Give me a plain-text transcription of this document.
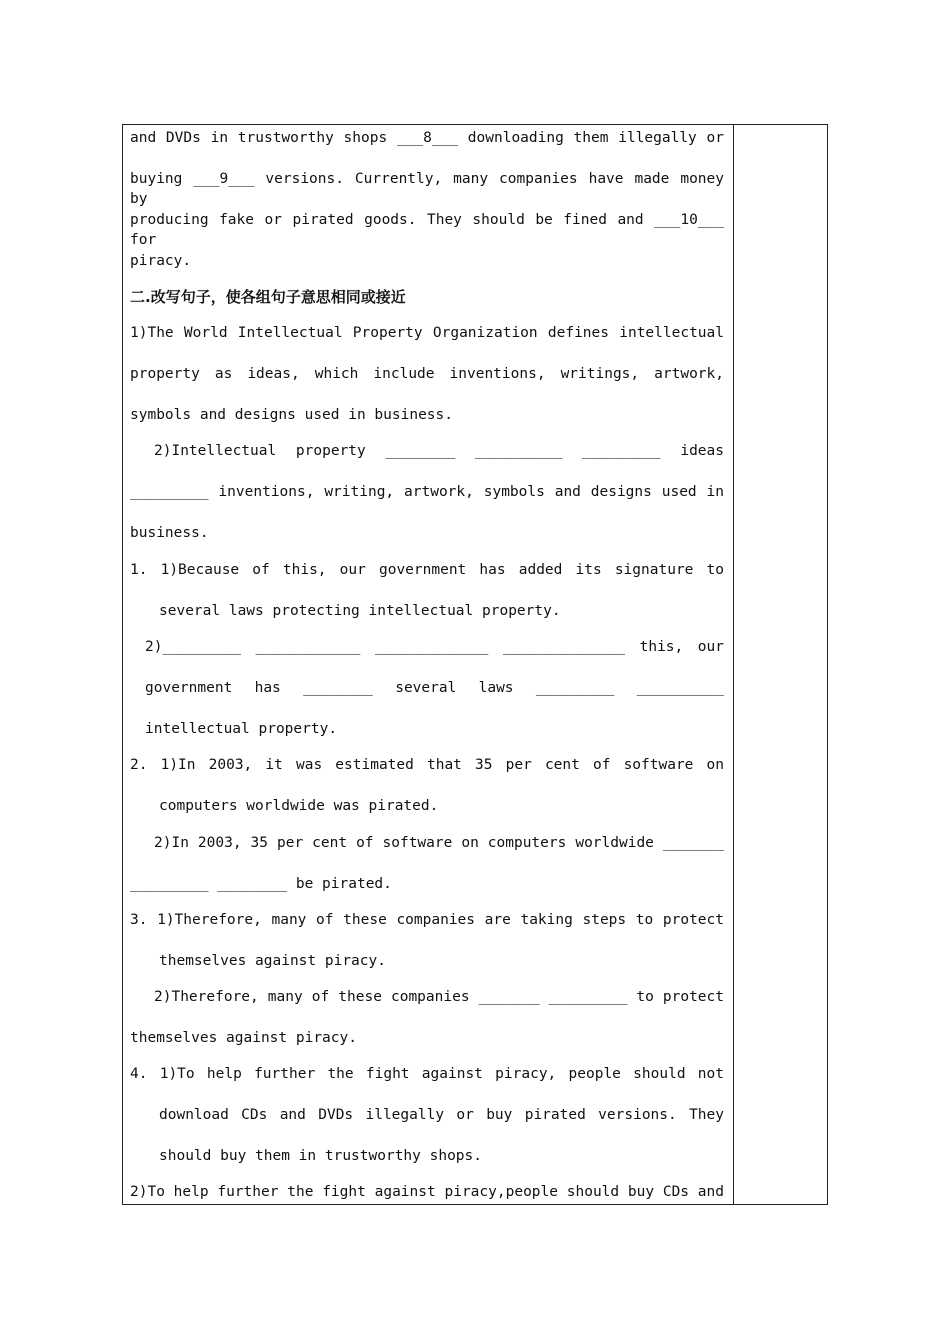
and DVDs in trustworthy shops ___8___ downloading them illegally or
buying ___9___ versions. Currently, many companies have made money by
producing fake or pirated goods. They should be fined and ___10___ for
piracy.
二.改写句子，使各组句子意思相同或接近
1)The World Intellectual Property Organization defines intellectual
property as ideas, which include inventions, writings, artwork,
symbols and designs used in business.
2)Intellectual property ________ __________ _________ ideas
_________ inventions, writing, artwork, symbols and designs used in
business.
1. 1)Because of this, our government has added its signature to
several laws protecting intellectual property.
2)_________ ____________ _____________ ______________ this, our
government has ________ several laws _________ __________
intellectual property.
2. 1)In 2003, it was estimated that 35 per cent of software on
computers worldwide was pirated.
2)In 2003, 35 per cent of software on computers worldwide _______
_________ ________ be pirated.
3. 1)Therefore, many of these companies are taking steps to protect
themselves against piracy.
2)Therefore, many of these companies _______ _________ to protect
themselves against piracy.
4. 1)To help further the fight against piracy, people should not
download CDs and DVDs illegally or buy pirated versions. They
should buy them in trustworthy shops.
2)To help further the fight against piracy,people should buy CDs and
